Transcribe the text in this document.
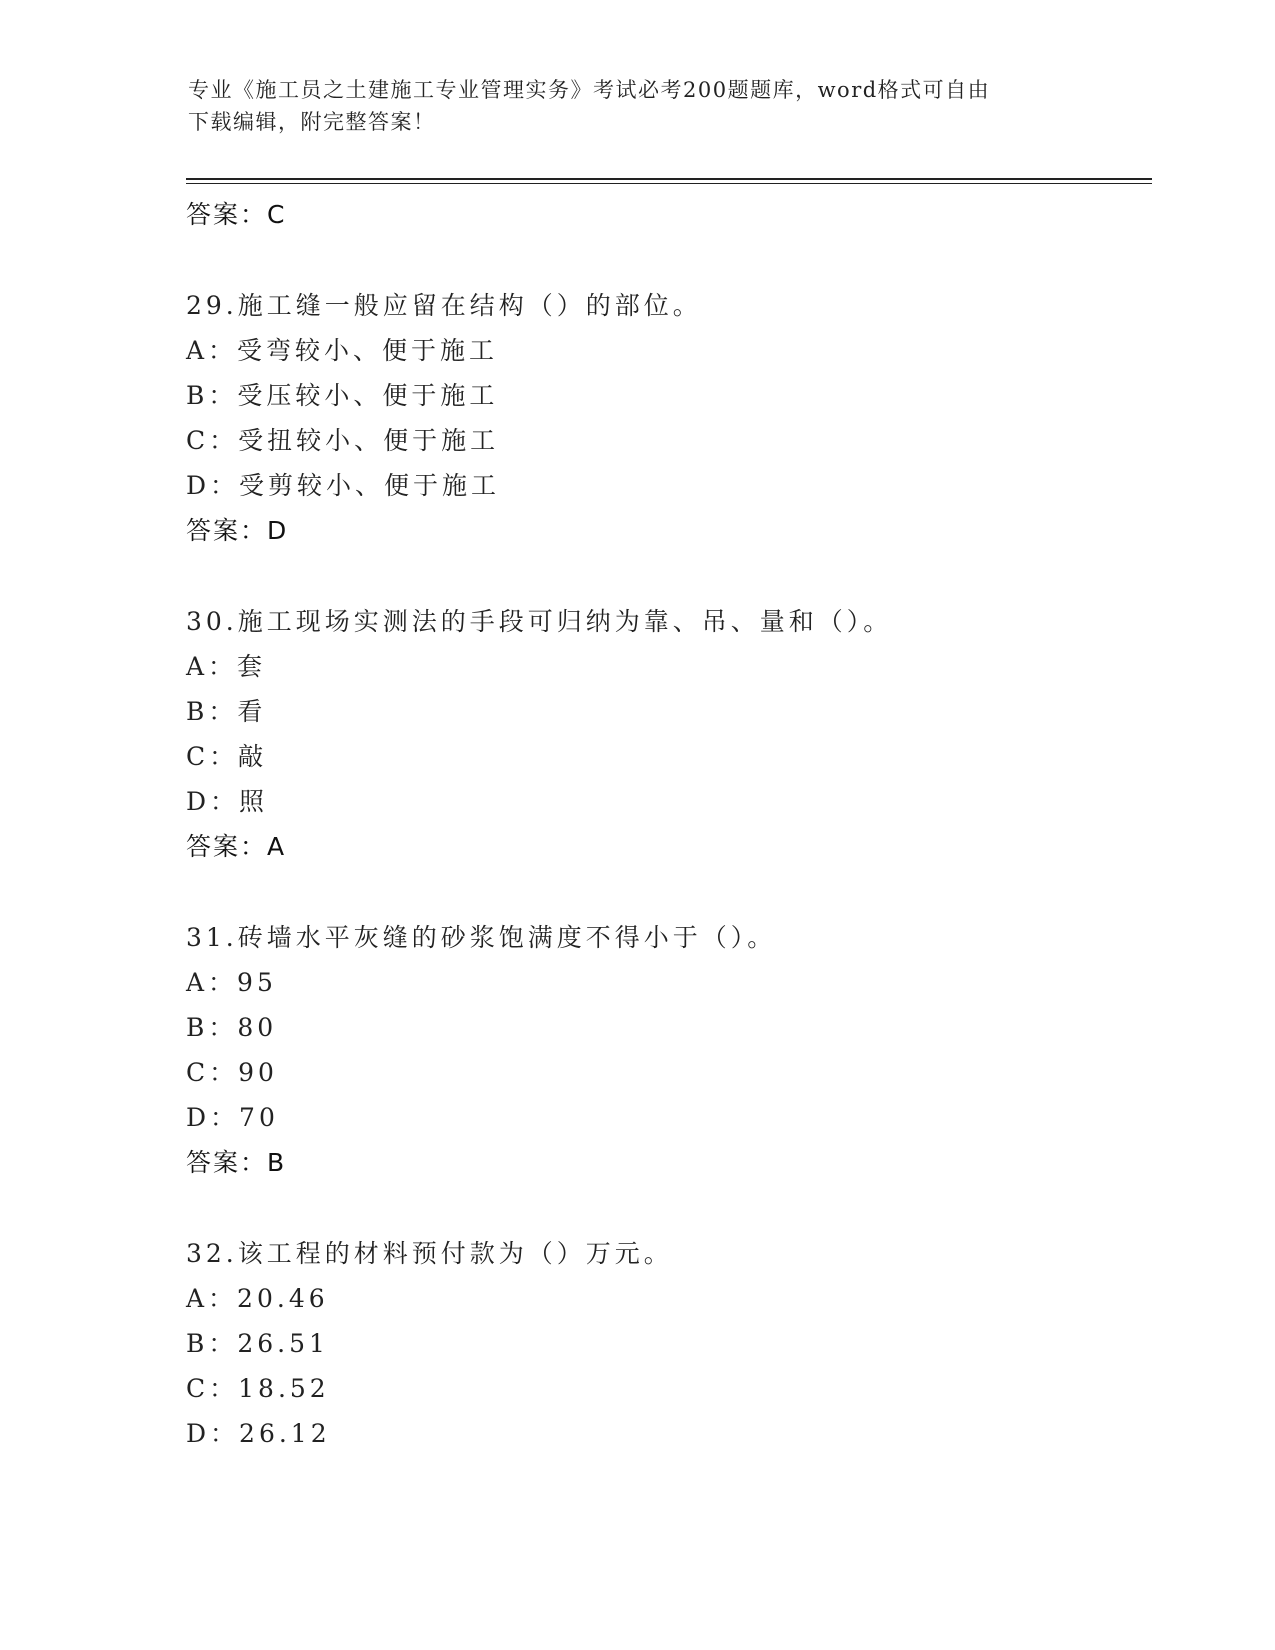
专业《施工员之土建施工专业管理实务》考试必考200题题库，word格式可自由
下载编辑，附完整答案！
答案：C
29.施工缝一般应留在结构（）的部位。
A：受弯较小、便于施工
B：受压较小、便于施工
C：受扭较小、便于施工
D：受剪较小、便于施工
答案：D
30.施工现场实测法的手段可归纳为靠、吊、量和（）。
A：套
B：看
C：敲
D：照
答案：A
31.砖墙水平灰缝的砂浆饱满度不得小于（）。
A：95
B：80
C：90
D：70
答案：B
32.该工程的材料预付款为（）万元。
A：20.46
B：26.51
C：18.52
D：26.12
